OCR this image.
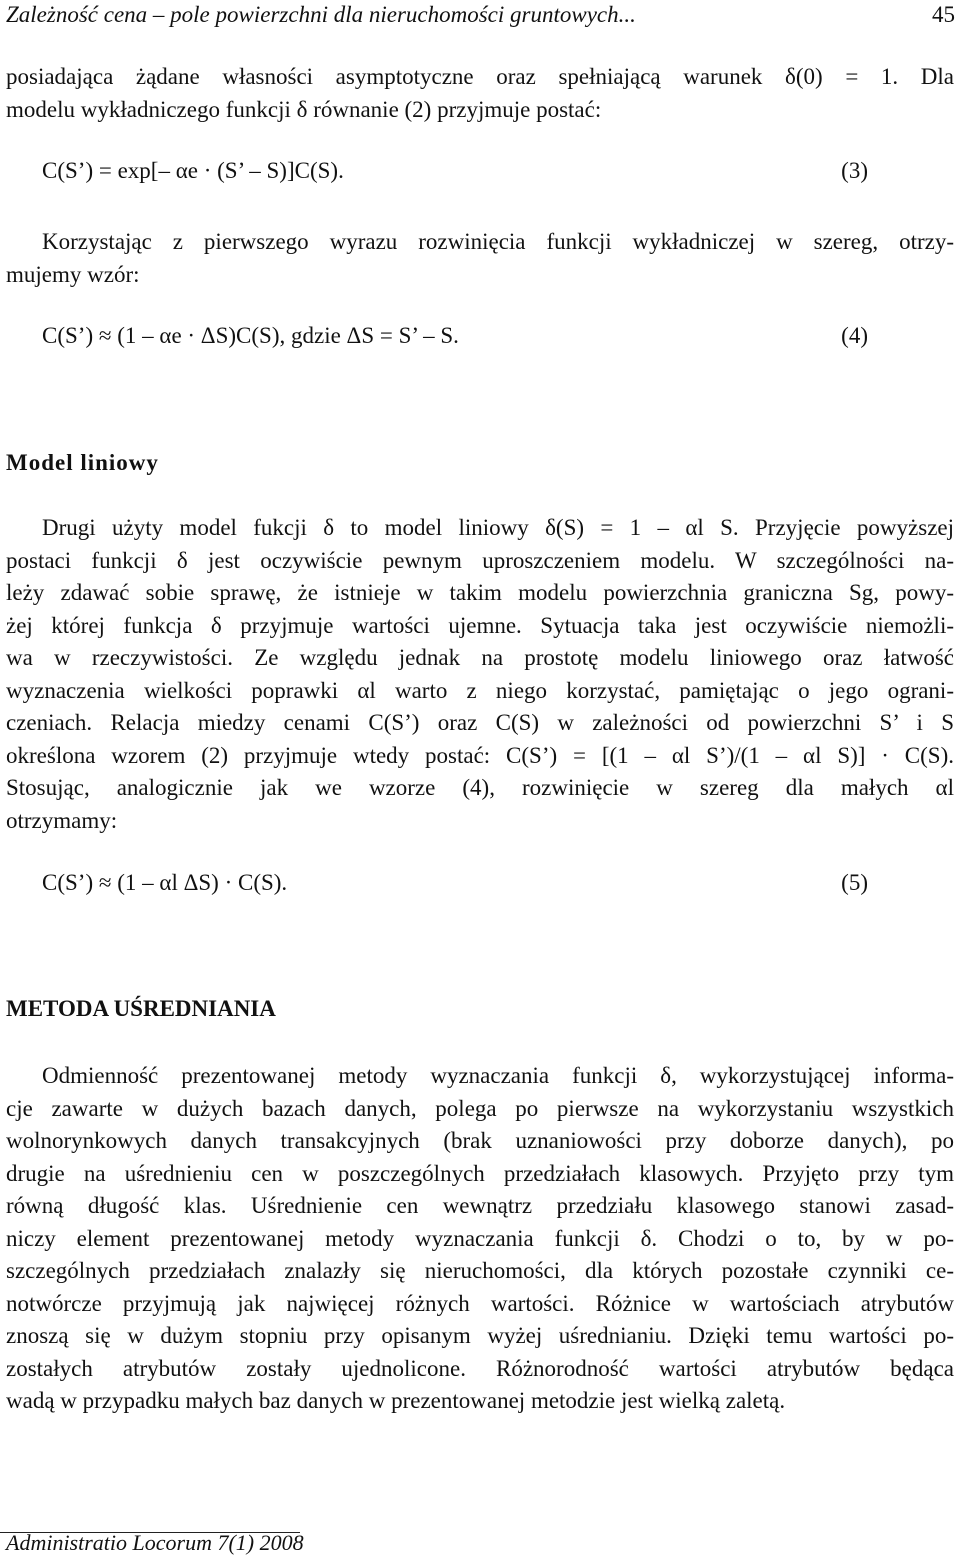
Zależność cena – pole powierzchni dla nieruchomości gruntowych...	45
posiadająca żądane własności asymptotyczne oraz spełniającą warunek δ(0) = 1. Dla
modelu wykładniczego funkcji δ równanie (2) przyjmuje postać:
C(S’) = exp[– αe · (S’ – S)]C(S).	(3)
Korzystając z pierwszego wyrazu rozwinięcia funkcji wykładniczej w szereg, otrzy-
mujemy wzór:
C(S’) ≈ (1 – αe · ΔS)C(S), gdzie ΔS = S’ – S.	(4)
Model liniowy
Drugi użyty model fukcji δ to model liniowy δ(S) = 1 – αl S. Przyjęcie powyższej
postaci funkcji δ jest oczywiście pewnym uproszczeniem modelu. W szczególności na-
leży zdawać sobie sprawę, że istnieje w takim modelu powierzchnia graniczna Sg, powy-
żej której funkcja δ przyjmuje wartości ujemne. Sytuacja taka jest oczywiście niemożli-
wa w rzeczywistości. Ze względu jednak na prostotę modelu liniowego oraz łatwość
wyznaczenia wielkości poprawki αl warto z niego korzystać, pamiętając o jego ograni-
czeniach. Relacja miedzy cenami C(S’) oraz C(S) w zależności od powierzchni S’ i S
określona wzorem (2) przyjmuje wtedy postać: C(S’) = [(1 – αl S’)/(1 – αl S)] · C(S).
Stosując, analogicznie jak we wzorze (4), rozwinięcie w szereg dla małych αl
otrzymamy:
C(S’) ≈ (1 – αl ΔS) · C(S).	(5)
METODA UŚREDNIANIA
Odmienność prezentowanej metody wyznaczania funkcji δ, wykorzystującej informa-
cje zawarte w dużych bazach danych, polega po pierwsze na wykorzystaniu wszystkich
wolnorynkowych danych transakcyjnych (brak uznaniowości przy doborze danych), po
drugie na uśrednieniu cen w poszczególnych przedziałach klasowych. Przyjęto przy tym
równą długość klas. Uśrednienie cen wewnątrz przedziału klasowego stanowi zasad-
niczy element prezentowanej metody wyznaczania funkcji δ. Chodzi o to, by w po-
szczególnych przedziałach znalazły się nieruchomości, dla których pozostałe czynniki ce-
notwórcze przyjmują jak najwięcej różnych wartości. Różnice w wartościach atrybutów
znoszą się w dużym stopniu przy opisanym wyżej uśrednianiu. Dzięki temu wartości po-
zostałych atrybutów zostały ujednolicone. Różnorodność wartości atrybutów będąca
wadą w przypadku małych baz danych w prezentowanej metodzie jest wielką zaletą.
Administratio Locorum 7(1) 2008
